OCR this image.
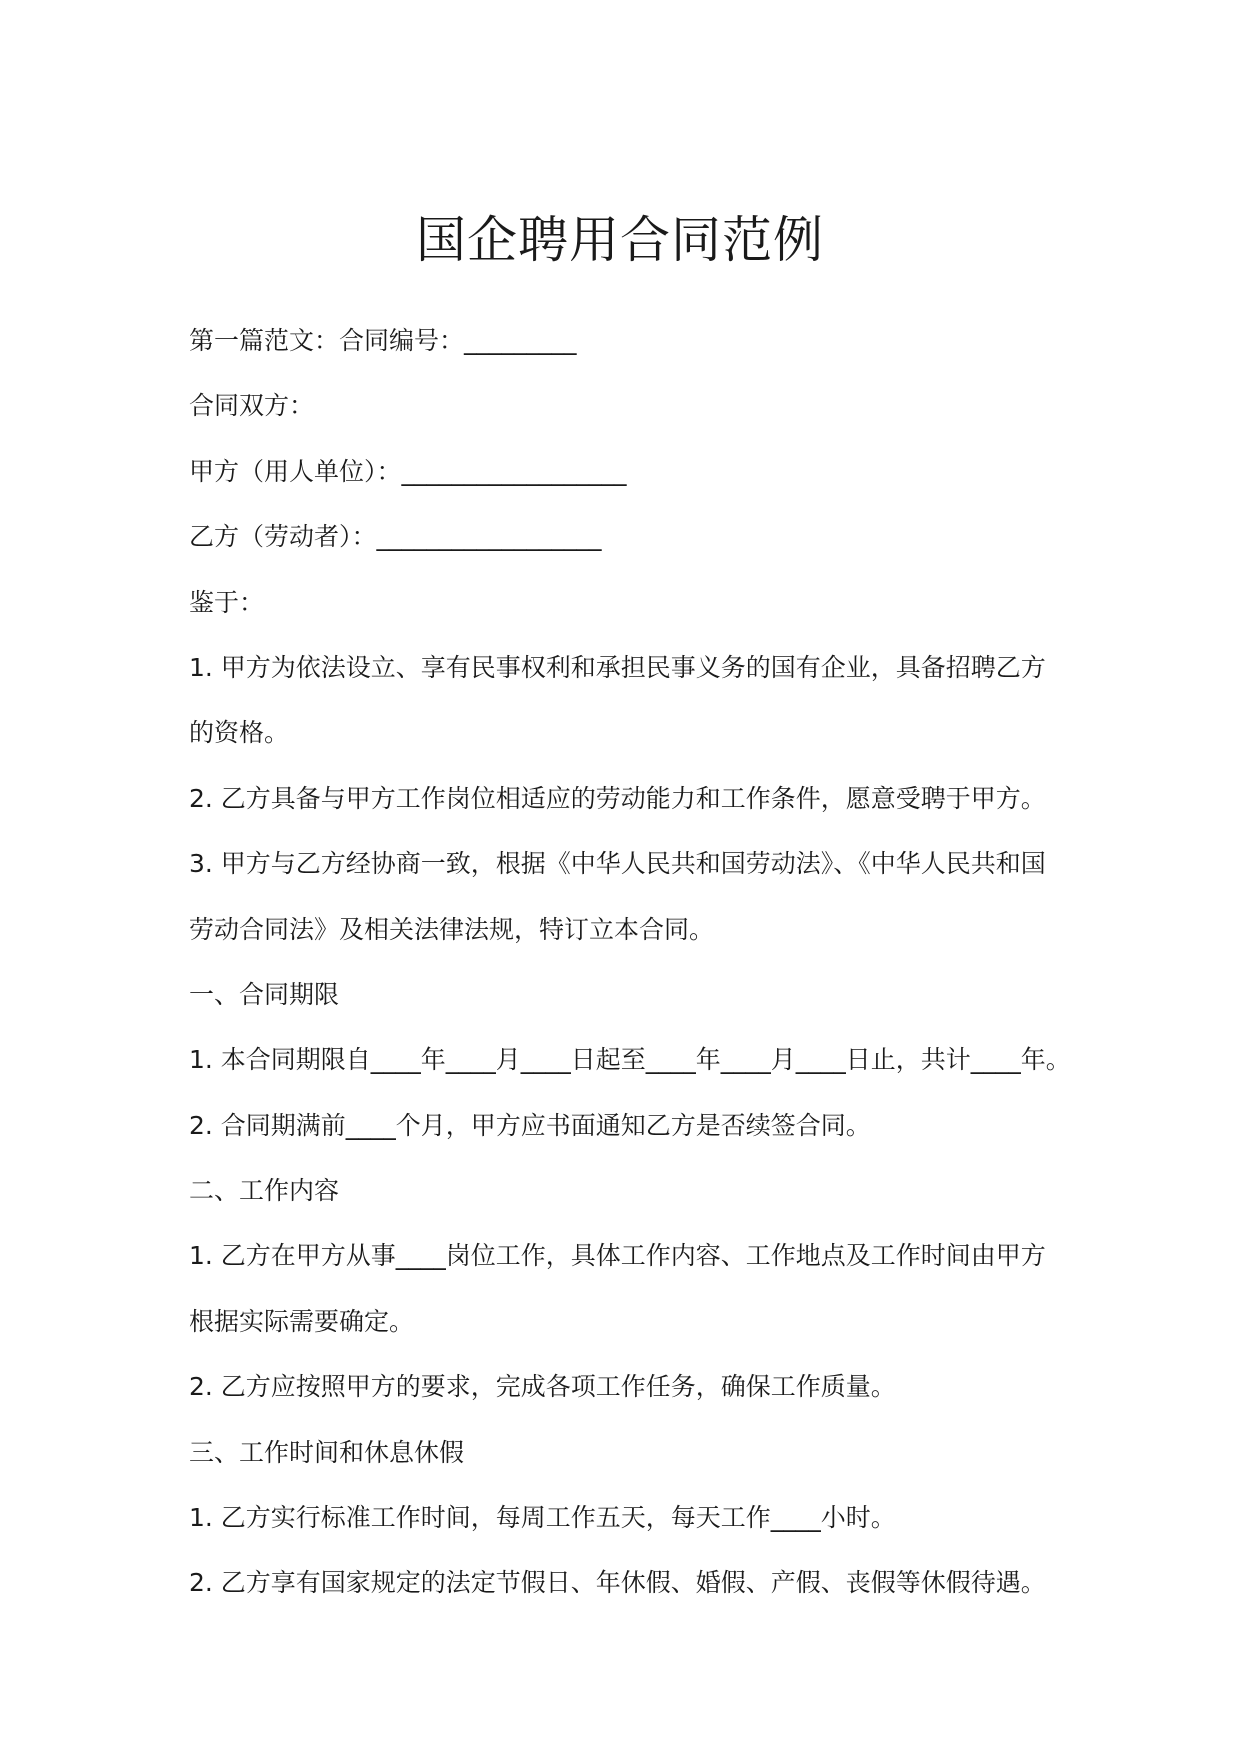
国企聘用合同范例
第一篇范文：合同编号：_________
合同双方：
甲方（用人单位）：__________________
乙方（劳动者）：__________________
鉴于：
1. 甲方为依法设立、享有民事权利和承担民事义务的国有企业，具备招聘乙方
的资格。
2. 乙方具备与甲方工作岗位相适应的劳动能力和工作条件，愿意受聘于甲方。
3. 甲方与乙方经协商一致，根据《中华人民共和国劳动法》、《中华人民共和国
劳动合同法》及相关法律法规，特订立本合同。
一、合同期限
1. 本合同期限自____年____月____日起至____年____月____日止，共计____年。
2. 合同期满前____个月，甲方应书面通知乙方是否续签合同。
二、工作内容
1. 乙方在甲方从事____岗位工作，具体工作内容、工作地点及工作时间由甲方
根据实际需要确定。
2. 乙方应按照甲方的要求，完成各项工作任务，确保工作质量。
三、工作时间和休息休假
1. 乙方实行标准工作时间，每周工作五天，每天工作____小时。
2. 乙方享有国家规定的法定节假日、年休假、婚假、产假、丧假等休假待遇。
